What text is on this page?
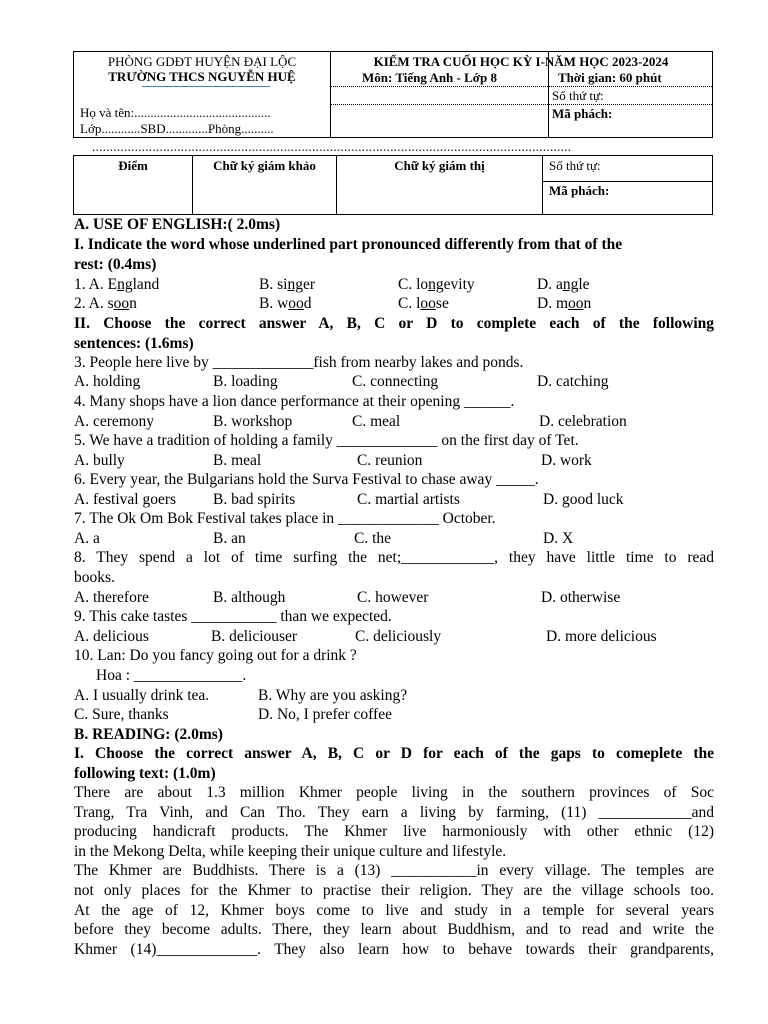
PHÒNG GDĐT HUYỆN ĐẠI LỘC
TRƯỜNG THCS NGUYỄN HUỆ
Họ và tên:..........................................
Lớp............SBD.............Phòng..........
KIỂM TRA CUỐI HỌC KỲ I-NĂM HỌC 2023-2024
Môn: Tiếng Anh - Lớp 8	Thời gian: 60 phút
Số thứ tự:
Mã phách:
.......................................................................................................................................
Điểm	Chữ ký giám khảo	Chữ ký giám thị	Số thứ tự:
Mã phách:
A. USE OF ENGLISH:( 2.0ms)
I. Indicate the word whose underlined part pronounced differently from that of the
rest: (0.4ms)
1. A. England	B. singer	C. longevity	D. angle
2. A. soon	B. wood	C. loose	D. moon
II. Choose the correct answer A, B, C or D to complete each of the following
sentences: (1.6ms)
3. People here live by _____________fish from nearby lakes and ponds.
A. holding	B. loading	C. connecting	D. catching
4. Many shops have a lion dance performance at their opening ______.
A. ceremony	B. workshop	C. meal	D. celebration
5. We have a tradition of holding a family _____________ on the first day of Tet.
A. bully	B. meal	C. reunion	D. work
6. Every year, the Bulgarians hold the Surva Festival to chase away _____.
A. festival goers B. bad spirits	C. martial artists	D. good luck
7. The Ok Om Bok Festival takes place in _____________ October.
A. a	B. an	C. the	D. X
8. They spend a lot of time surfing the net;____________, they have little time to read
books.
A. therefore	B. although	C. however	D. otherwise
9. This cake tastes ___________ than we expected.
A. delicious	B. deliciouser	C. deliciously	D. more delicious
10. Lan: Do you fancy going out for a drink ?
Hoa : ______________.
A. I usually drink tea.	B. Why are you asking?
C. Sure, thanks	D. No, I prefer coffee
B. READING: (2.0ms)
I. Choose the correct answer A, B, C or D for each of the gaps to comeplete the
following text: (1.0m)
There are about 1.3 million Khmer people living in the southern provinces of Soc
Trang, Tra Vinh, and Can Tho. They earn a living by farming, (11) ____________and
producing handicraft products. The Khmer live harmoniously with other ethnic (12)
in the Mekong Delta, while keeping their unique culture and lifestyle.
The Khmer are Buddhists. There is a (13) ___________in every village. The temples are
not only places for the Khmer to practise their religion. They are the village schools too.
At the age of 12, Khmer boys come to live and study in a temple for several years
before they become adults. There, they learn about Buddhism, and to read and write the
Khmer (14)_____________. They also learn how to behave towards their grandparents,
